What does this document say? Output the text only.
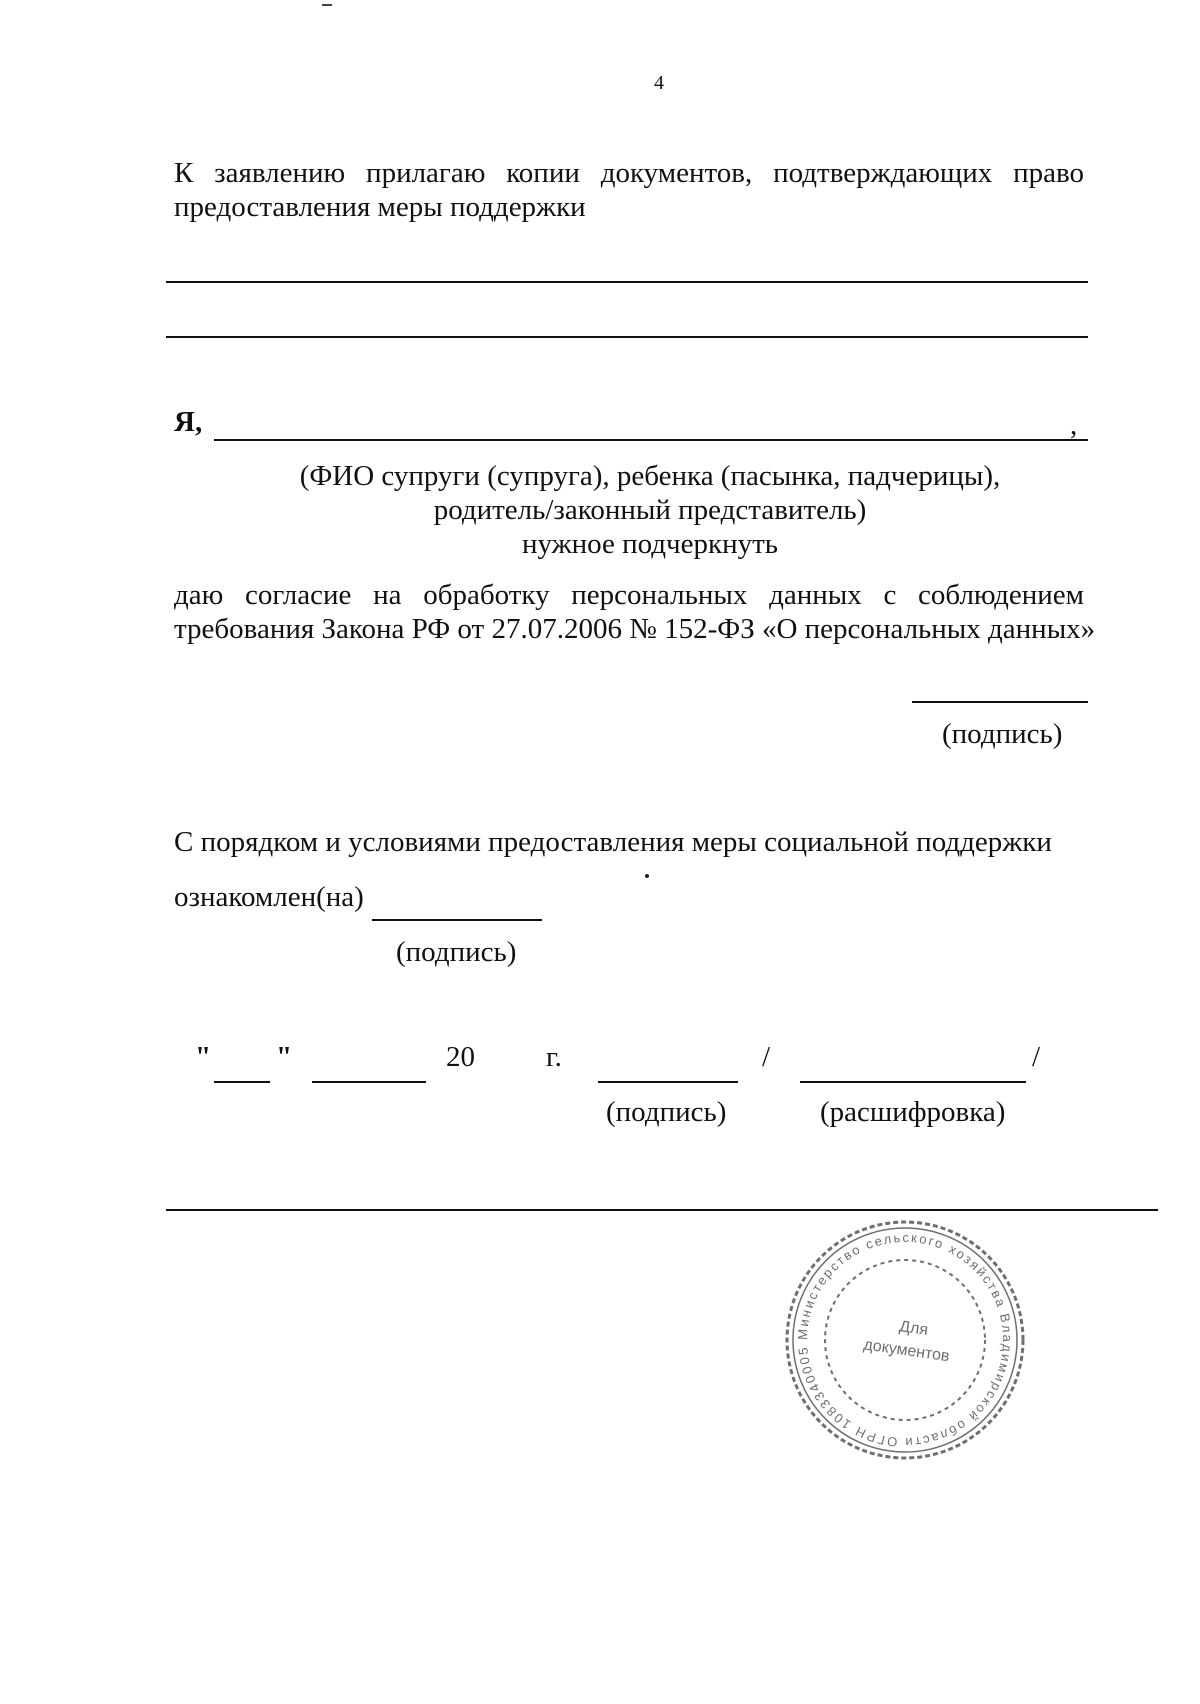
4
К заявлению прилагаю копии документов, подтверждающих право
предоставления меры поддержки
Я,	,
(ФИО супруги (супруга), ребенка (пасынка, падчерицы),
родитель/законный представитель)
нужное подчеркнуть
даю согласие на обработку персональных данных с соблюдением
требования Закона РФ от 27.07.2006 № 152-ФЗ «О персональных данных»
(подпись)
С порядком и условиями предоставления меры социальной поддержки
ознакомлен(на)
(подпись)
" "	20 г.	/	/
(подпись)	(расшифровка)
Министерство сельского хозяйства Владимирской области ОГРН 1083340005
Для
документов
